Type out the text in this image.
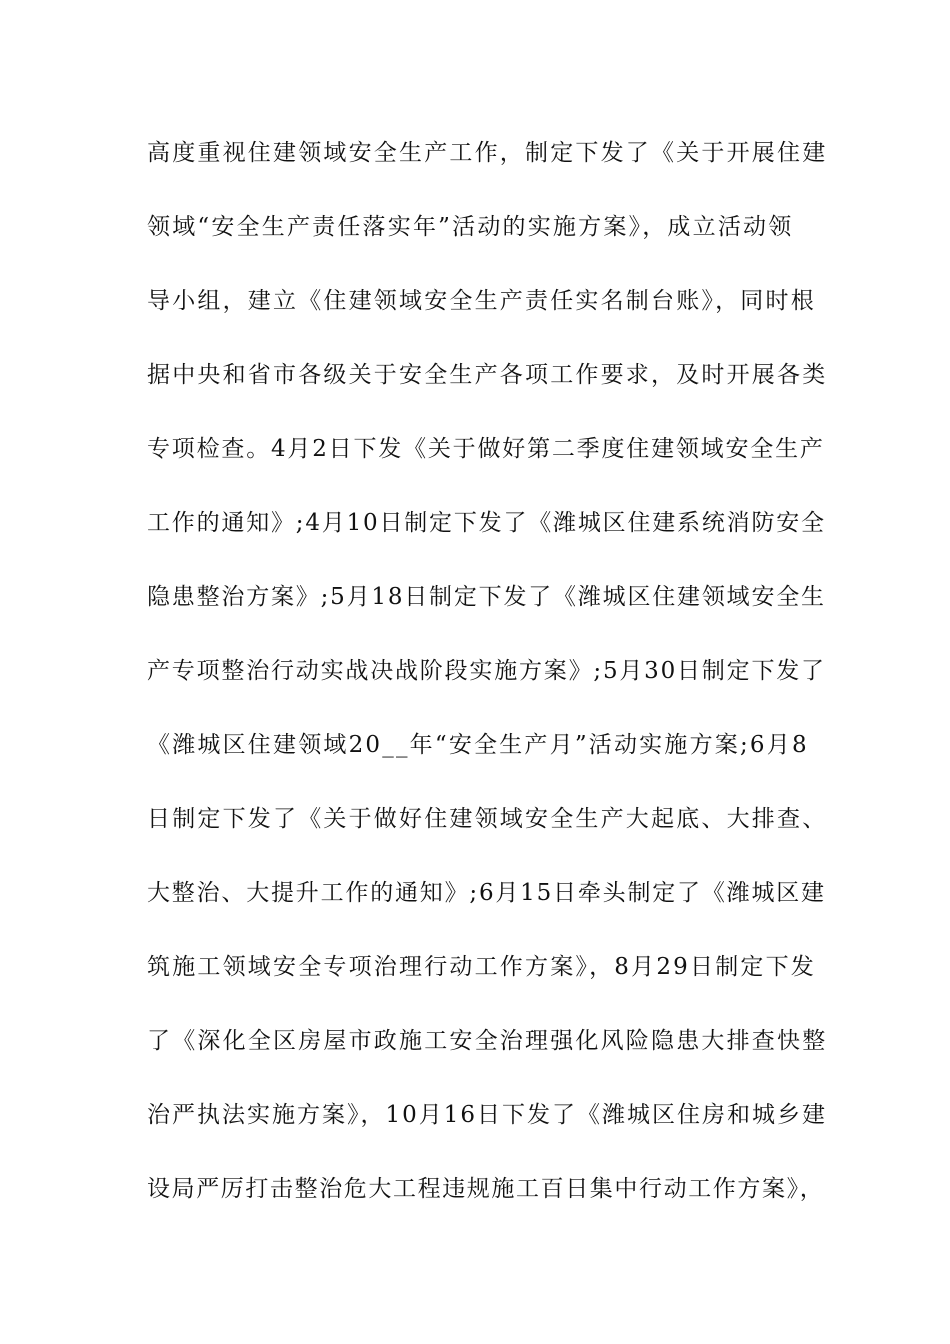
高度重视住建领域安全生产工作，制定下发了《关于开展住建
领域“安全生产责任落实年”活动的实施方案》，成立活动领
导小组，建立《住建领域安全生产责任实名制台账》，同时根
据中央和省市各级关于安全生产各项工作要求，及时开展各类
专项检查。4月2日下发《关于做好第二季度住建领域安全生产
工作的通知》;4月10日制定下发了《潍城区住建系统消防安全
隐患整治方案》;5月18日制定下发了《潍城区住建领域安全生
产专项整治行动实战决战阶段实施方案》;5月30日制定下发了
《潍城区住建领域20__年“安全生产月”活动实施方案;6月8
日制定下发了《关于做好住建领域安全生产大起底、大排查、
大整治、大提升工作的通知》;6月15日牵头制定了《潍城区建
筑施工领域安全专项治理行动工作方案》，8月29日制定下发
了《深化全区房屋市政施工安全治理强化风险隐患大排查快整
治严执法实施方案》，10月16日下发了《潍城区住房和城乡建
设局严厉打击整治危大工程违规施工百日集中行动工作方案》，
